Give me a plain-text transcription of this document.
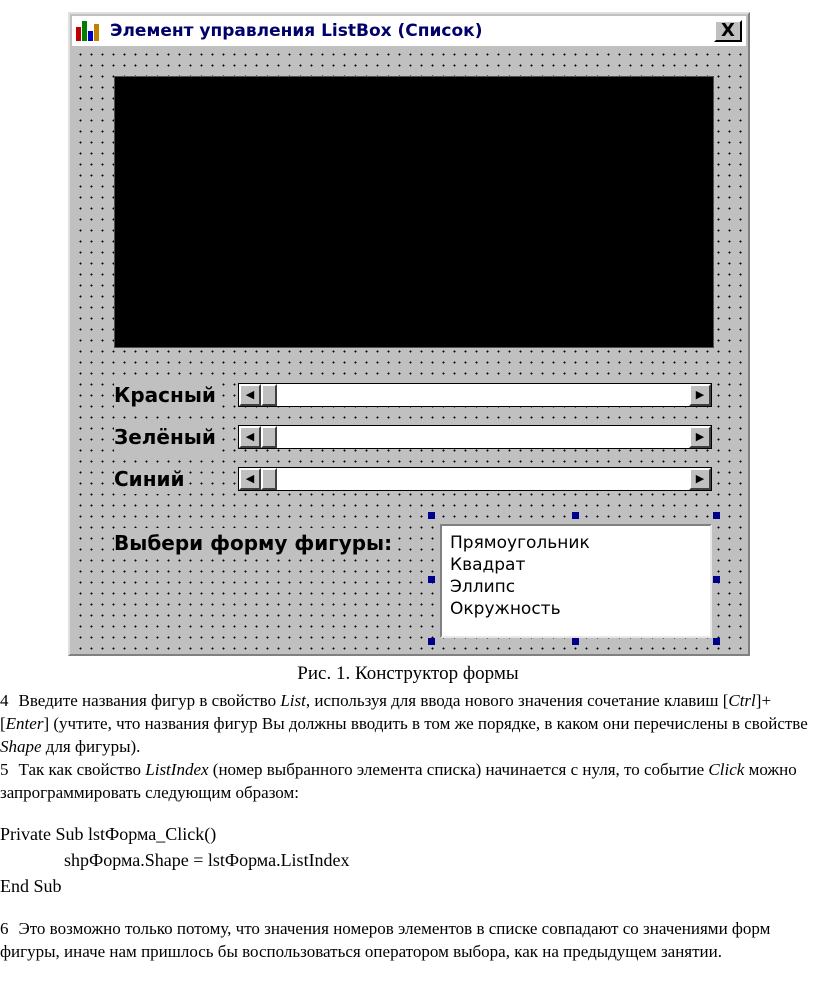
Элемент управления ListBox (Список)	X
Красный	◀	▶
Зелёный	◀	▶
Синий	◀	▶
Выбери форму фигуры:	Прямоугольник
Квадрат
Эллипс
Окружность
Рис. 1. Конструктор формы
4 Введите названия фигур в свойство List, используя для ввода нового значения сочетание клавиш [Ctrl]+[Enter] (учтите, что названия фигур Вы должны вводить в том же порядке, в каком они перечислены в свойстве Shape для фигуры).
5 Так как свойство ListIndex (номер выбранного элемента списка) начинается с нуля, то событие Click можно запрограммировать следующим образом:
Private Sub lstФорма_Click()
shpФорма.Shape = lstФорма.ListIndex
End Sub
6 Это возможно только потому, что значения номеров элементов в списке совпадают со значениями форм фигуры, иначе нам пришлось бы воспользоваться оператором выбора, как на предыдущем занятии.
